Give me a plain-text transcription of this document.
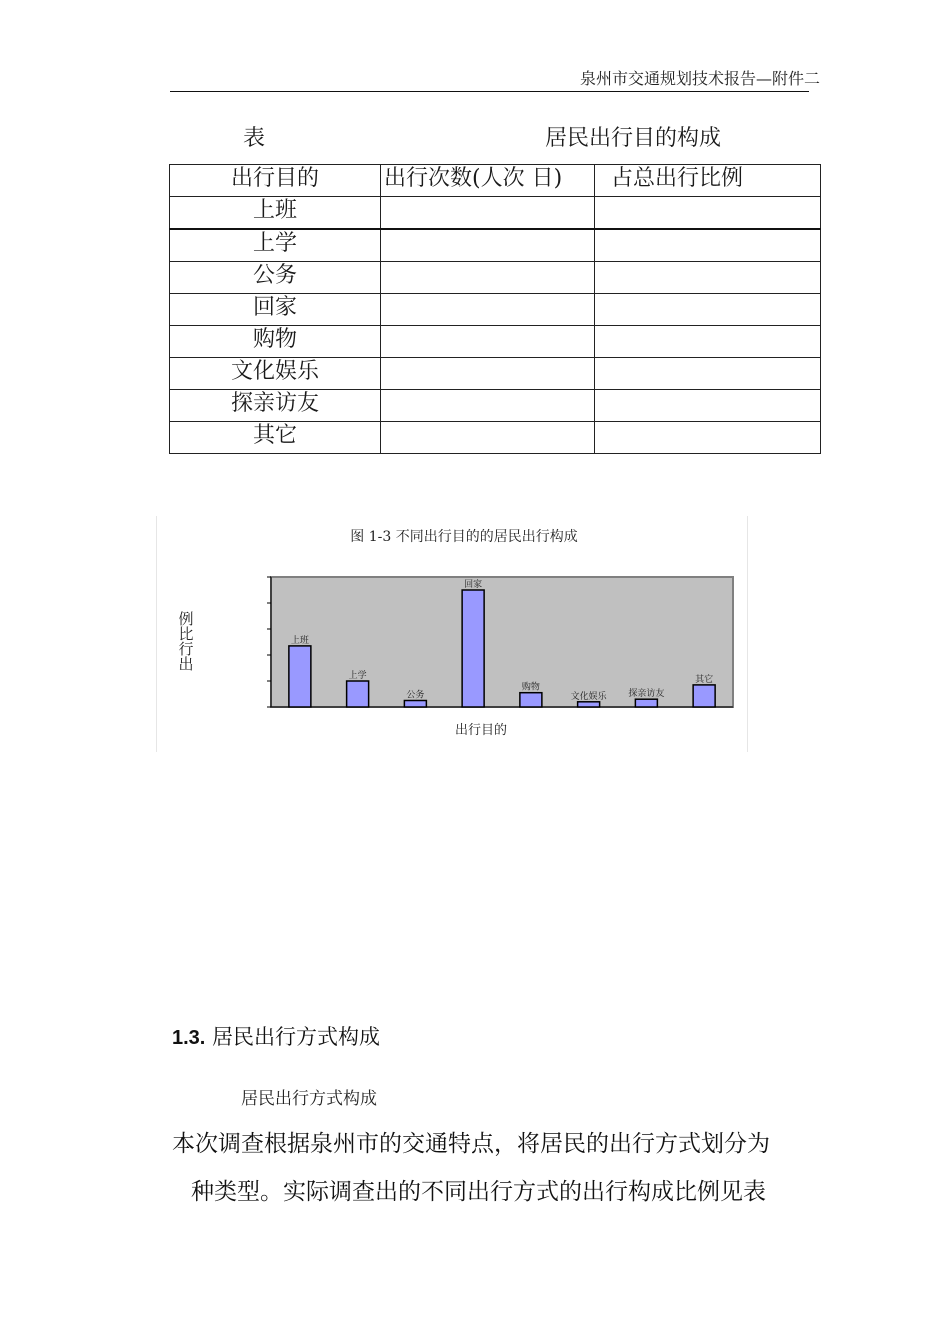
泉州市交通规划技术报告—附件二
表	居民出行目的构成
出行目的	出行次数(人次 日)	占总出行比例
上班		
上学		
公务		
回家		
购物		
文化娱乐		
探亲访友		
其它		
图 1-3 不同出行目的的居民出行构成
例
比
行
出
出行目的
上班
上学
公务
回家
购物
文化娱乐 探亲访友
其它
1.3. 居民出行方式构成
居民出行方式构成
本次调查根据泉州市的交通特点，将居民的出行方式划分为
种类型。实际调查出的不同出行方式的出行构成比例见表
